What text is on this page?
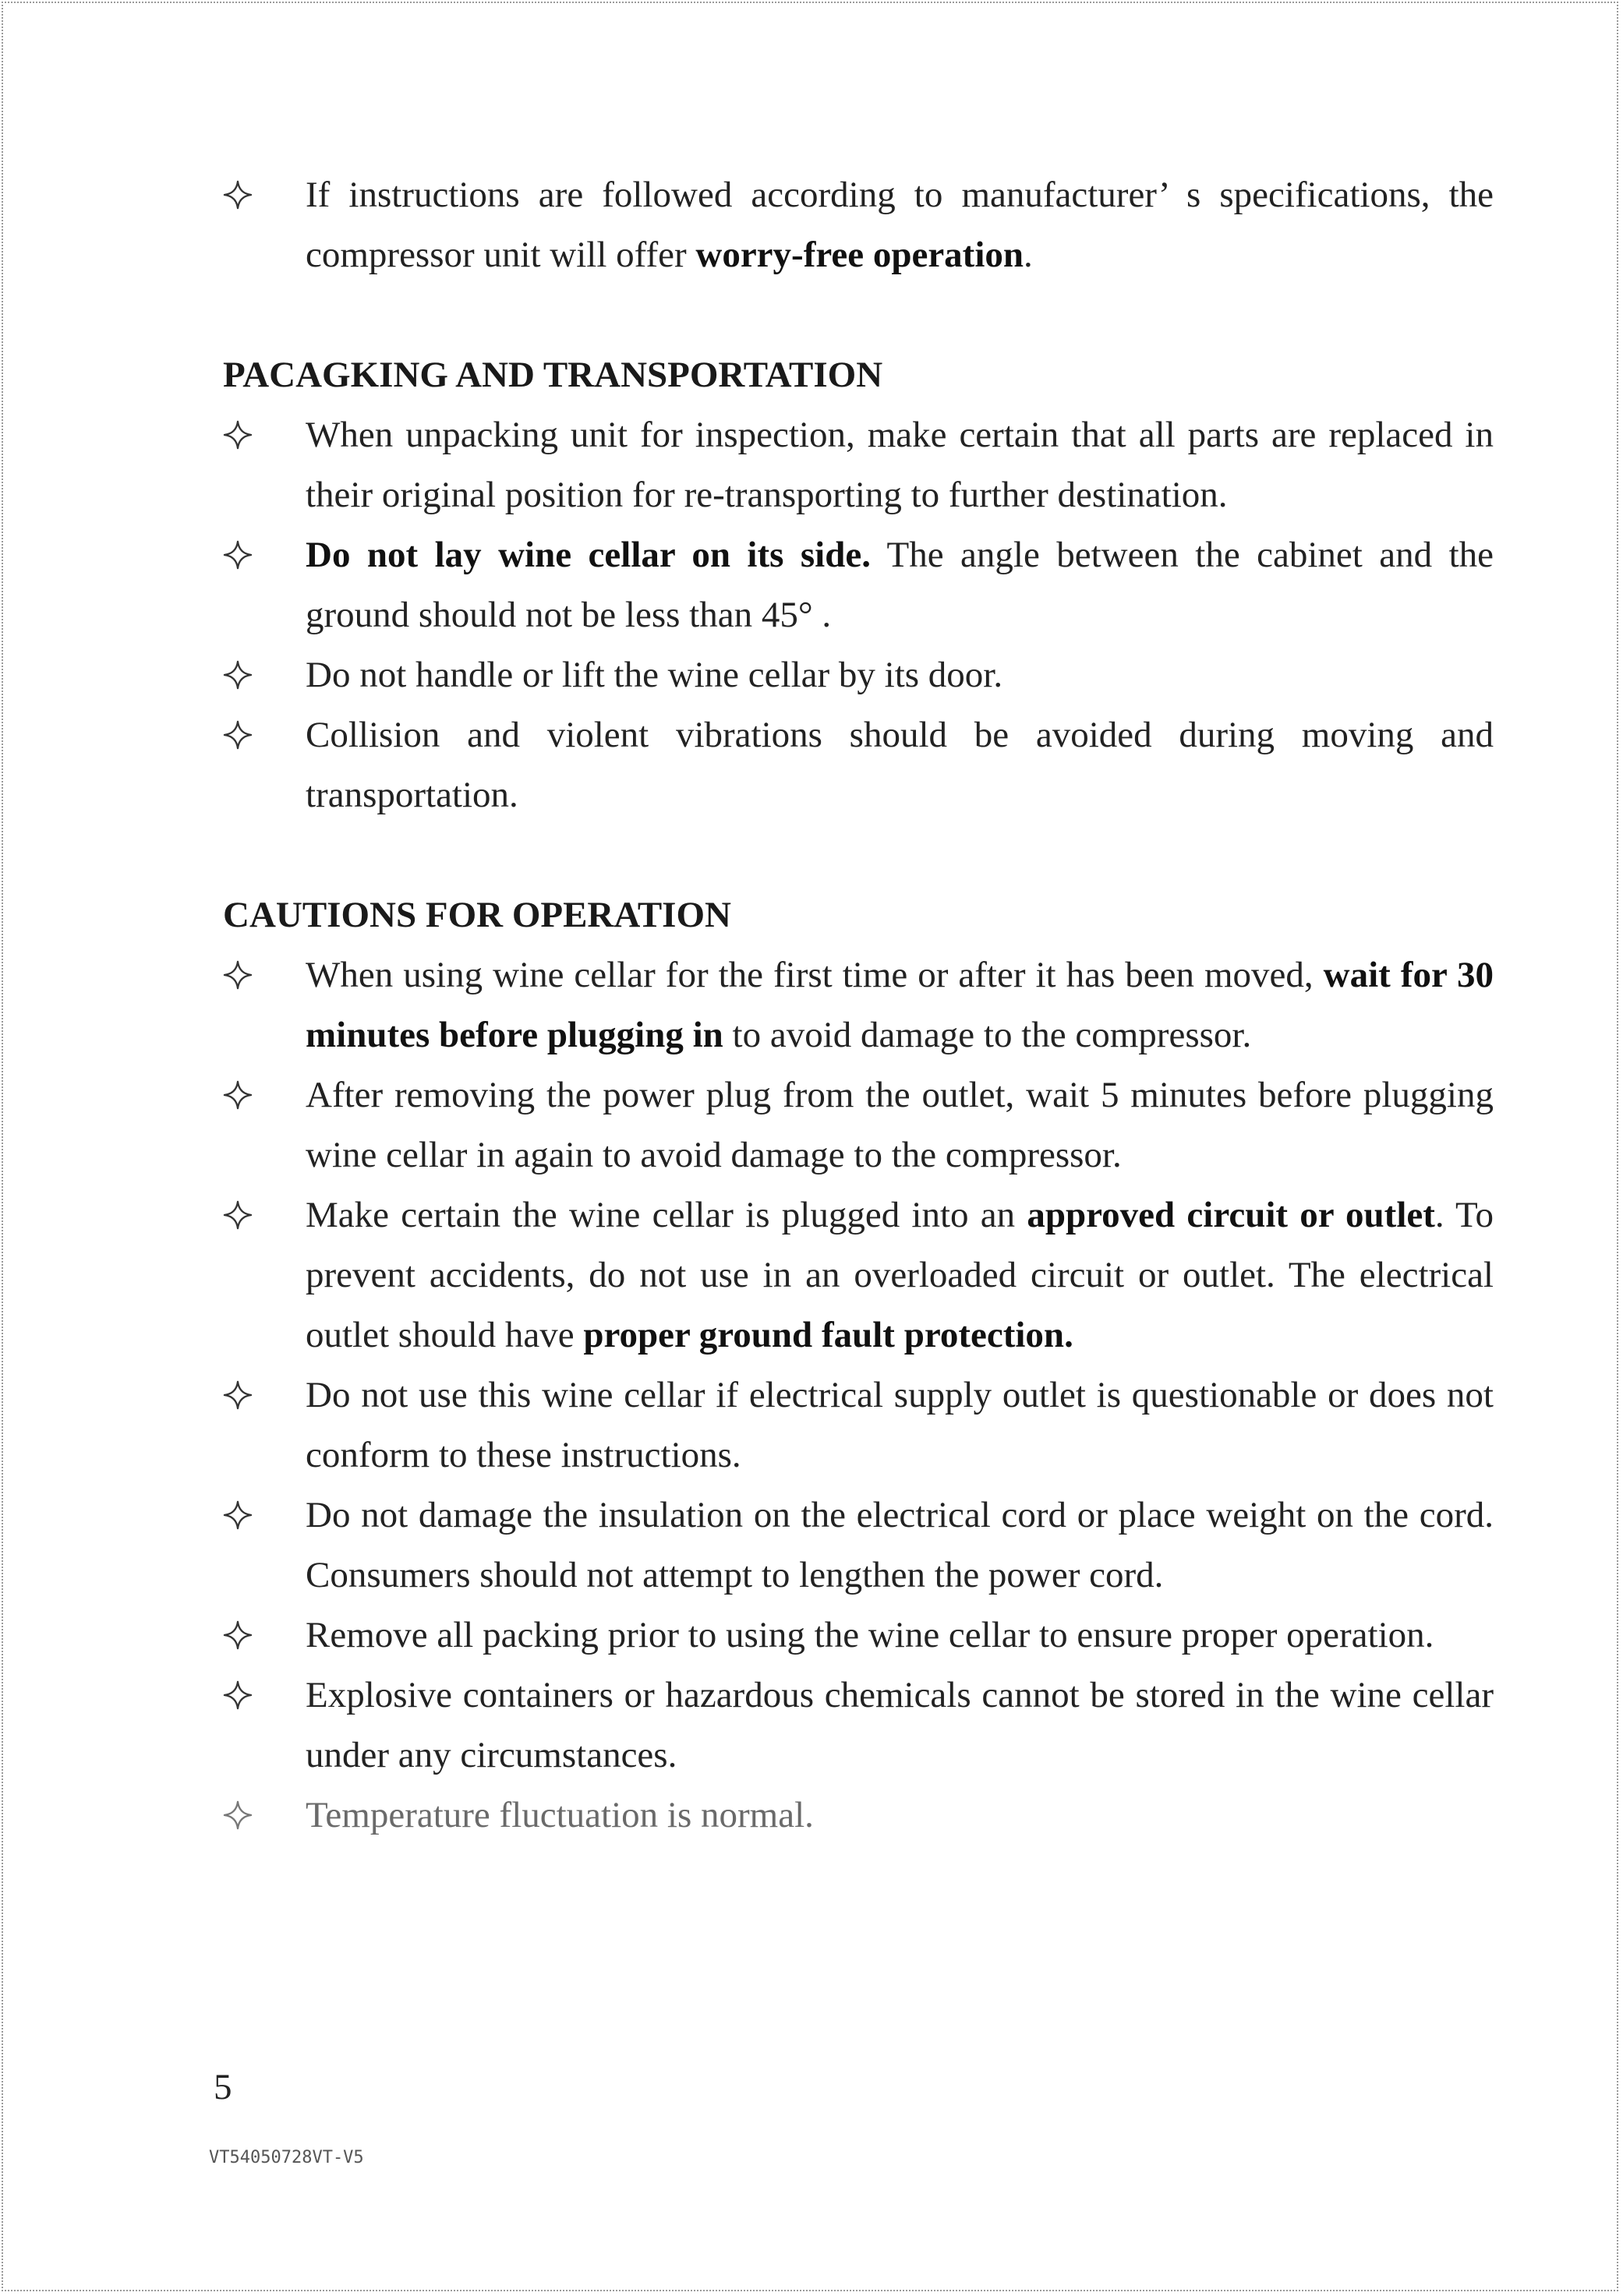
If instructions are followed according to manufacturer’ s specifications, the compressor unit will offer worry-free operation.
PACAGKING AND TRANSPORTATION
When unpacking unit for inspection, make certain that all parts are replaced in their original position for re-transporting to further destination.
Do not lay wine cellar on its side. The angle between the cabinet and the ground should not be less than 45° .
Do not handle or lift the wine cellar by its door.
Collision and violent vibrations should be avoided during moving and transportation.
CAUTIONS FOR OPERATION
When using wine cellar for the first time or after it has been moved, wait for 30 minutes before plugging in to avoid damage to the compressor.
After removing the power plug from the outlet, wait 5 minutes before plugging wine cellar in again to avoid damage to the compressor.
Make certain the wine cellar is plugged into an approved circuit or outlet. To prevent accidents, do not use in an overloaded circuit or outlet. The electrical outlet should have proper ground fault protection.
Do not use this wine cellar if electrical supply outlet is questionable or does not conform to these instructions.
Do not damage the insulation on the electrical cord or place weight on the cord. Consumers should not attempt to lengthen the power cord.
Remove all packing prior to using the wine cellar to ensure proper operation.
Explosive containers or hazardous chemicals cannot be stored in the wine cellar under any circumstances.
Temperature fluctuation is normal.
5
VT54050728VT-V5
